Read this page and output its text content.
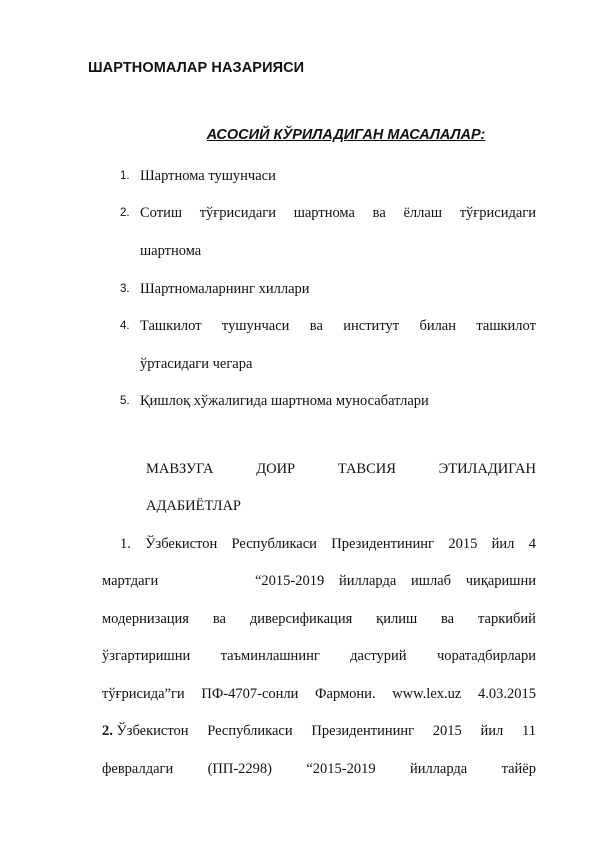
ШАРТНОМАЛАР НАЗАРИЯСИ
АСОСИЙ КЎРИЛАДИГАН МАСАЛАЛАР:
1. Шартнома тушунчаси
2. Сотиш тўғрисидаги шартнома ва ёллаш тўғрисидаги
шартнома
3. Шартномаларнинг хиллари
4. Ташкилот тушунчаси ва институт билан ташкилот
ўртасидаги чегара
5. Қишлоқ хўжалигида шартнома муносабатлари
МАВЗУГА	ДОИР	ТАВСИЯ	ЭТИЛАДИГАН
АДАБИЁТЛАР
1. Ўзбекистон Республикаси Президентининг 2015 йил 4
мартдаги	“2015-2019 йилларда ишлаб чиқаришни
модернизация ва диверсификация қилиш ва таркибий
ўзгартиришни таъминлашнинг дастурий чоратадбирлари
тўғрисида”ги ПФ-4707-сонли Фармони. www.lex.uz 4.03.2015
2. Ўзбекистон Республикаси Президентининг 2015 йил 11
февралдаги (ПП-2298) “2015-2019 йилларда тайёр
